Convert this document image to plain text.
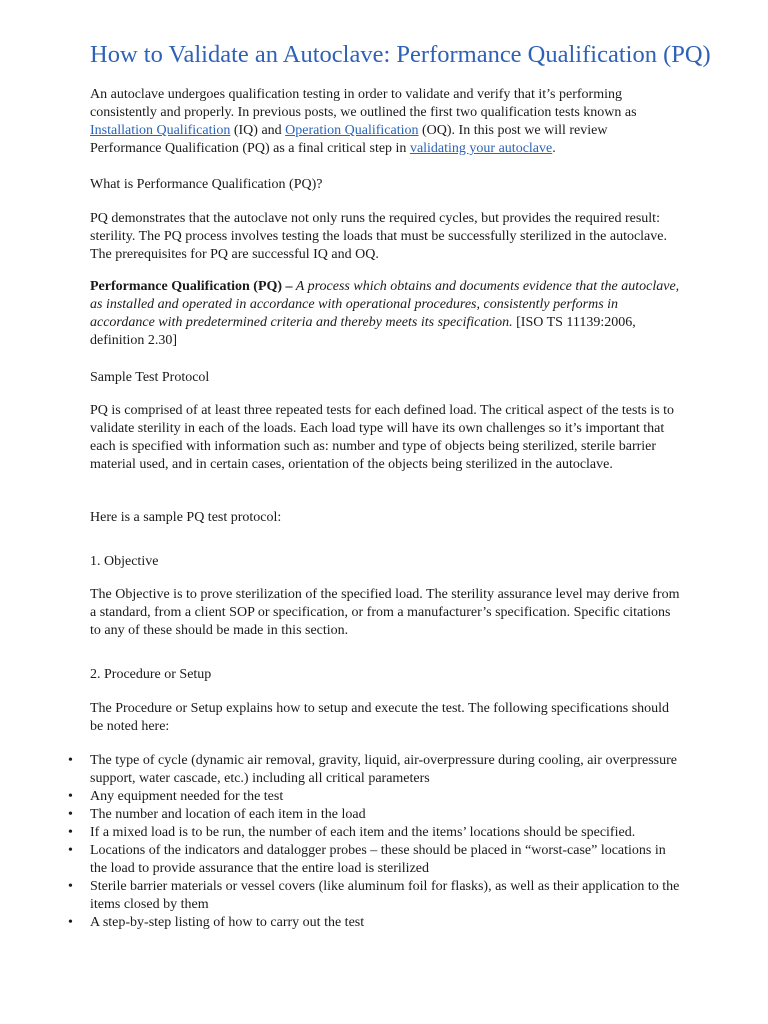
How to Validate an Autoclave: Performance Qualification (PQ)

An autoclave undergoes qualification testing in order to validate and verify that it’s performing consistently and properly. In previous posts, we outlined the first two qualification tests known as Installation Qualification (IQ) and Operation Qualification (OQ). In this post we will review Performance Qualification (PQ) as a final critical step in validating your autoclave.

What is Performance Qualification (PQ)?

PQ demonstrates that the autoclave not only runs the required cycles, but provides the required result: sterility. The PQ process involves testing the loads that must be successfully sterilized in the autoclave. The prerequisites for PQ are successful IQ and OQ.

Performance Qualification (PQ) – A process which obtains and documents evidence that the autoclave, as installed and operated in accordance with operational procedures, consistently performs in accordance with predetermined criteria and thereby meets its specification. [ISO TS 11139:2006, definition 2.30]

Sample Test Protocol

PQ is comprised of at least three repeated tests for each defined load. The critical aspect of the tests is to validate sterility in each of the loads. Each load type will have its own challenges so it’s important that each is specified with information such as: number and type of objects being sterilized, sterile barrier material used, and in certain cases, orientation of the objects being sterilized in the autoclave.

Here is a sample PQ test protocol:

1. Objective

The Objective is to prove sterilization of the specified load. The sterility assurance level may derive from a standard, from a client SOP or specification, or from a manufacturer’s specification. Specific citations to any of these should be made in this section.

2. Procedure or Setup

The Procedure or Setup explains how to setup and execute the test. The following specifications should be noted here:

•	The type of cycle (dynamic air removal, gravity, liquid, air-overpressure during cooling, air overpressure support, water cascade, etc.) including all critical parameters
•	Any equipment needed for the test
•	The number and location of each item in the load
•	If a mixed load is to be run, the number of each item and the items’ locations should be specified.
•	Locations of the indicators and datalogger probes – these should be placed in “worst-case” locations in the load to provide assurance that the entire load is sterilized
•	Sterile barrier materials or vessel covers (like aluminum foil for flasks), as well as their application to the items closed by them
•	A step-by-step listing of how to carry out the test
